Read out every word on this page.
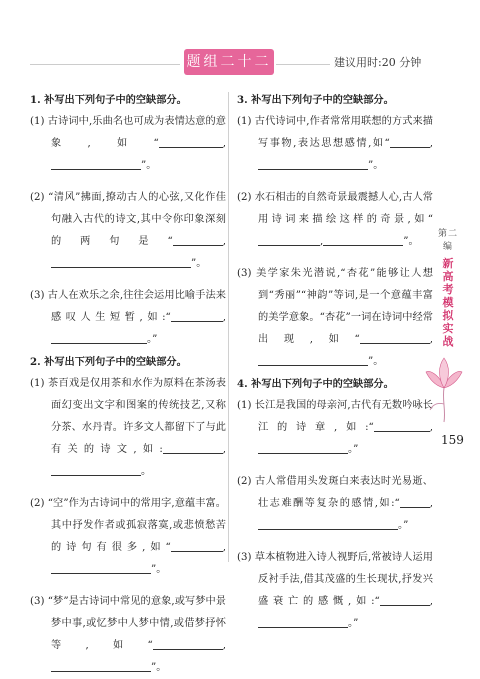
题组二十二	建议用时:20 分钟
1. 补写出下列句子中的空缺部分。
(1) 古诗词中,乐曲名也可成为表情达意的意象,如“	,”。
(2) “清风”拂面,撩动古人的心弦,又化作佳句融入古代的诗文,其中令你印象深刻的两句是“	,”。
(3) 古人在欢乐之余,往往会运用比喻手法来感叹人生短暂,如:“	,。”
2. 补写出下列句子中的空缺部分。
(1) 茶百戏是仅用茶和水作为原料在茶汤表面幻变出文字和图案的传统技艺,又称分茶、水丹青。许多文人都留下了与此有关的诗文,如:	,。
(2) “空”作为古诗词中的常用字,意蕴丰富。其中抒发作者或孤寂落寞,或悲愤愁苦的诗句有很多,如“	,”。
(3) “梦”是古诗词中常见的意象,或写梦中景梦中事,或忆梦中人梦中情,或借梦抒怀等,如“	,”。
3. 补写出下列句子中的空缺部分。
(1) 古代诗词中,作者常常用联想的方式来描写事物,表达思想感情,如“	,”。
(2) 水石相击的自然奇景最震撼人心,古人常用诗词来描绘这样的奇景,如“,	”。
(3) 美学家朱光潜说,“杏花”能够让人想到“秀丽”“神韵”等词,是一个意蕴丰富的美学意象。“杏花”一词在诗词中经常出现,如“	,”。
4. 补写出下列句子中的空缺部分。
(1) 长江是我国的母亲河,古代有无数吟咏长江的诗章,如:“	,。”
(2) 古人常借用头发斑白来表达时光易逝、壮志难酬等复杂的感情,如:“	,。”
(3) 草本植物进入诗人视野后,常被诗人运用反衬手法,借其茂盛的生长现状,抒发兴盛衰亡的感慨,如:“	,。”
第二编
新高考模拟实战
159
